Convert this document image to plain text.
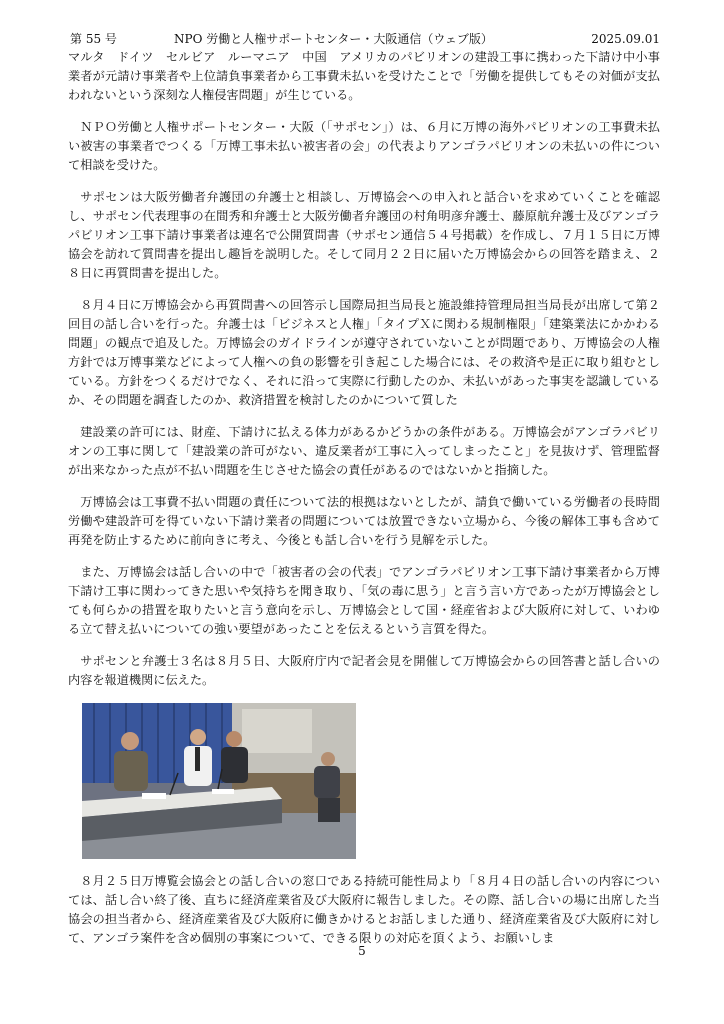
第 55 号	NPO 労働と人権サポートセンター・大阪通信（ウェブ版）	2025.09.01

マルタ　ドイツ　セルビア　ルーマニア　中国　アメリカのパビリオンの建設工事に携わった下請け中小事業者が元請け事業者や上位請負事業者から工事費未払いを受けたことで「労働を提供してもその対価が支払われないという深刻な人権侵害問題」が生じている。

ＮＰＯ労働と人権サポートセンター・大阪（「サポセン」）は、６月に万博の海外パビリオンの工事費未払い被害の事業者でつくる「万博工事未払い被害者の会」の代表よりアンゴラパビリオンの未払いの件について相談を受けた。

サポセンは大阪労働者弁護団の弁護士と相談し、万博協会への申入れと話合いを求めていくことを確認し、サポセン代表理事の在間秀和弁護士と大阪労働者弁護団の村角明彦弁護士、藤原航弁護士及びアンゴラパビリオン工事下請け事業者は連名で公開質問書（サポセン通信５４号掲載）を作成し、７月１５日に万博協会を訪れて質問書を提出し趣旨を説明した。そして同月２２日に届いた万博協会からの回答を踏まえ、２８日に再質問書を提出した。

８月４日に万博協会から再質問書への回答示し国際局担当局長と施設維持管理局担当局長が出席して第２回目の話し合いを行った。弁護士は「ビジネスと人権」「タイプＸに関わる規制権限」「建築業法にかかわる問題」の観点で追及した。万博協会のガイドラインが遵守されていないことが問題であり、万博協会の人権方針では万博事業などによって人権への負の影響を引き起こした場合には、その救済や是正に取り組むとしている。方針をつくるだけでなく、それに沿って実際に行動したのか、未払いがあった事実を認識しているか、その問題を調査したのか、救済措置を検討したのかについて質した

建設業の許可には、財産、下請けに払える体力があるかどうかの条件がある。万博協会がアンゴラパビリオンの工事に関して「建設業の許可がない、違反業者が工事に入ってしまったこと」を見抜けず、管理監督が出来なかった点が不払い問題を生じさせた協会の責任があるのではないかと指摘した。

万博協会は工事費不払い問題の責任について法的根拠はないとしたが、請負で働いている労働者の長時間労働や建設許可を得ていない下請け業者の問題については放置できない立場から、今後の解体工事も含めて再発を防止するために前向きに考え、今後とも話し合いを行う見解を示した。

また、万博協会は話し合いの中で「被害者の会の代表」でアンゴラパビリオン工事下請け事業者から万博下請け工事に関わってきた思いや気持ちを聞き取り、「気の毒に思う」と言う言い方であったが万博協会としても何らかの措置を取りたいと言う意向を示し、万博協会として国・経産省および大阪府に対して、いわゆる立て替え払いについての強い要望があったことを伝えるという言質を得た。

サポセンと弁護士３名は８月５日、大阪府庁内で記者会見を開催して万博協会からの回答書と話し合いの内容を報道機関に伝えた。

８月２５日万博覧会協会との話し合いの窓口である持続可能性局より「８月４日の話し合いの内容については、話し合い終了後、直ちに経済産業省及び大阪府に報告しました。その際、話し合いの場に出席した当協会の担当者から、経済産業省及び大阪府に働きかけるとお話しました通り、経済産業省及び大阪府に対して、アンゴラ案件を含め個別の事案について、できる限りの対応を頂くよう、お願いしま

5
